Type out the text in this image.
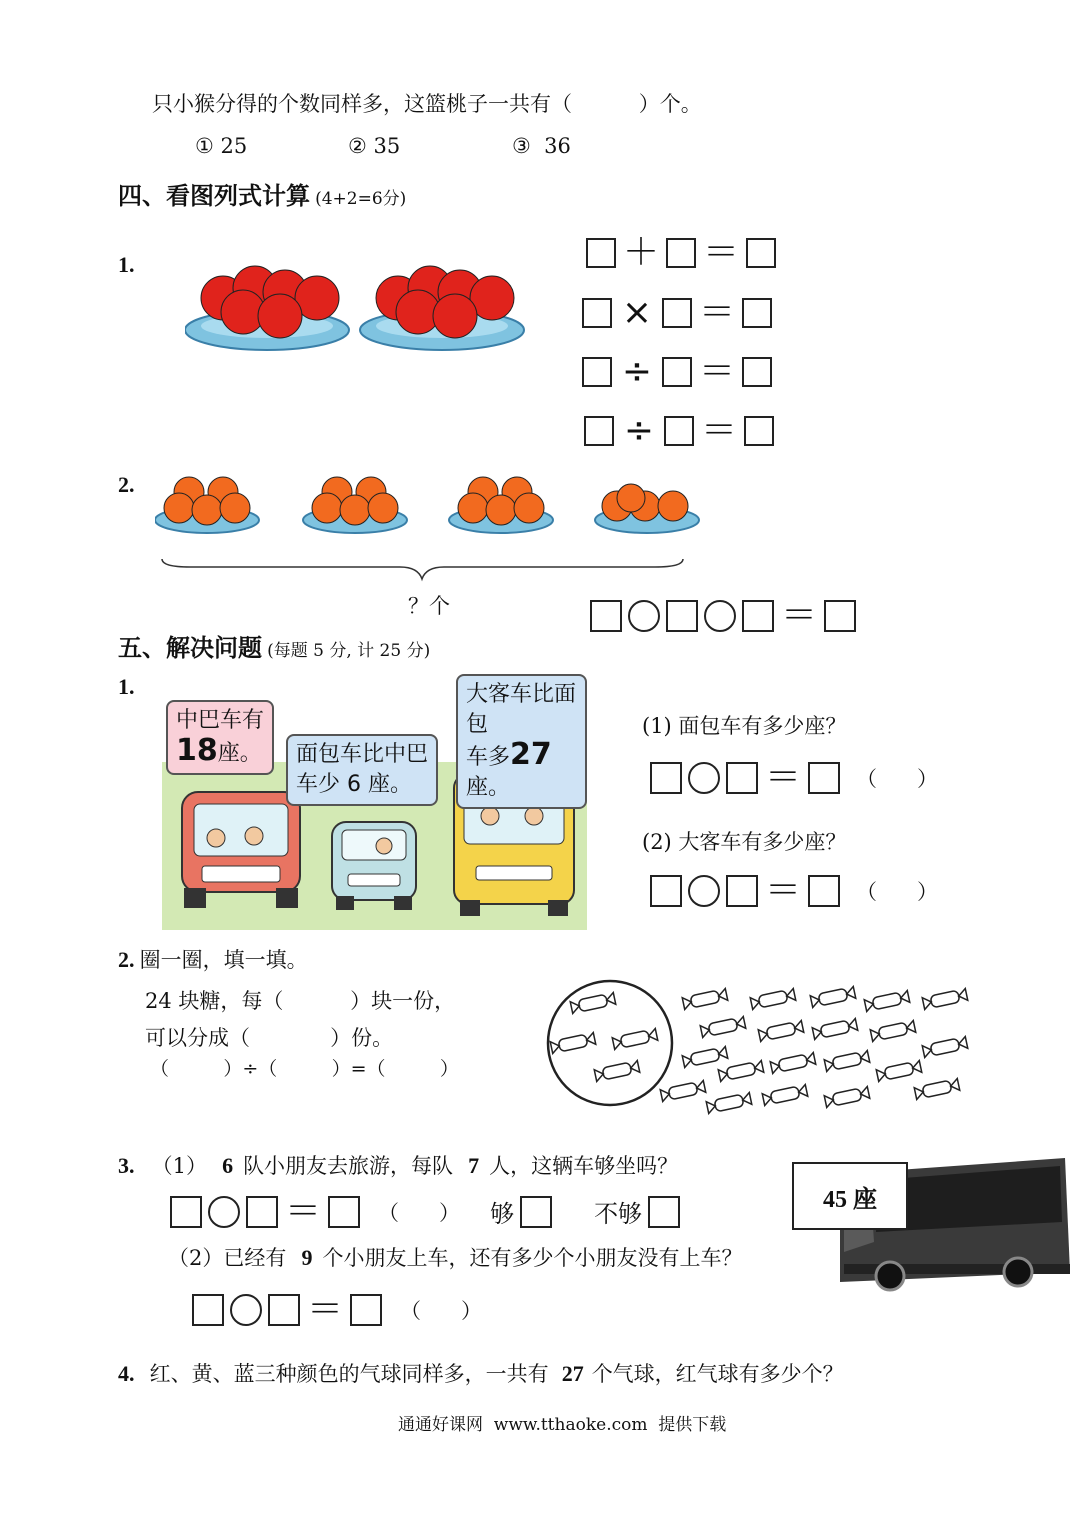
只小猴分得的个数同样多，这篮桃子一共有（          ）个。
① 25	② 35	③  36
四、看图列式计算 (4+2=6分)
1.	＋ ＝
× ＝
÷ ＝
÷ ＝
2.
？个	＝
五、解决问题 (每题 5 分, 计 25 分)
1.
中巴车有
18座。 面包车比中巴
车少 6 座。
大客车比面包
车多27 座。
(1) 面包车有多少座？
＝	（      ）
(2) 大客车有多少座？
＝	（      ）
2. 圈一圈，填一填。
24 块糖，每（          ）块一份，
可以分成（            ）份。
（         ）÷（         ）=（         ）
3. （1） 6 队小朋友去旅游，每队 7 人，这辆车够坐吗？
＝	（      ） 够	不够
（2）已经有 9 个小朋友上车，还有多少个小朋友没有上车？
＝	（      ）
45 座
4. 红、黄、蓝三种颜色的气球同样多，一共有 27 个气球，红气球有多少个？
通通好课网  www.tthaoke.com  提供下载
